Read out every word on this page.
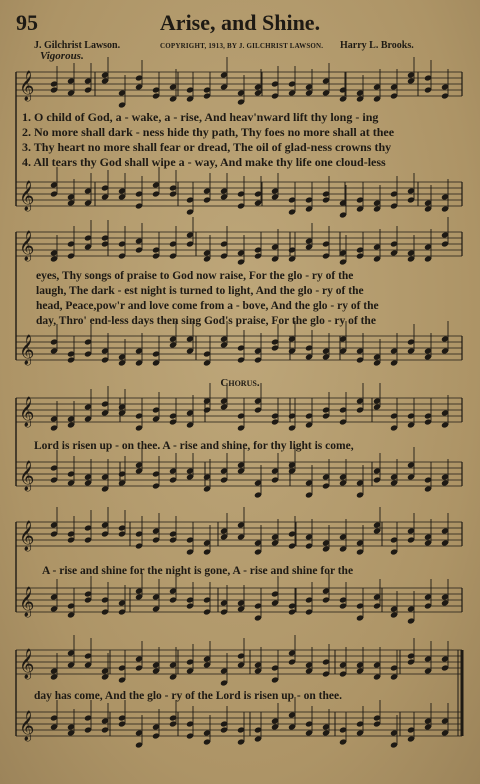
95	Arise, and Shine.
J. Gilchrist Lawson.	COPYRIGHT, 1913, BY J. GILCHRIST LAWSON. Harry L. Brooks.
Vigorous.
𝄞
𝄞
𝄞
𝄞
𝄞
𝄞
𝄞
𝄞
𝄞
𝄞
1. O child of God, a - wake, a - rise, And heav'nward lift thy long - ing
2. No more shall dark - ness hide thy path, Thy foes no more shall at thee
3. Thy heart no more shall fear or dread, The oil of glad-ness crowns thy
4. All tears thy God shall wipe a - way, And make thy life one cloud-less
eyes, Thy songs of praise to God now raise, For the glo - ry of the
laugh, The dark - est night is turned to light, And the glo - ry of the
head, Peace,pow'r and love come from a - bove, And the glo - ry of the
day, Thro' end-less days then sing God's praise, For the glo - ry of the
Chorus.
Lord is risen up - on thee. A - rise and shine, for thy light is come,
A - rise and shine for the night is gone, A - rise and shine for the
day has come, And the glo - ry of the Lord is risen up - on thee.
